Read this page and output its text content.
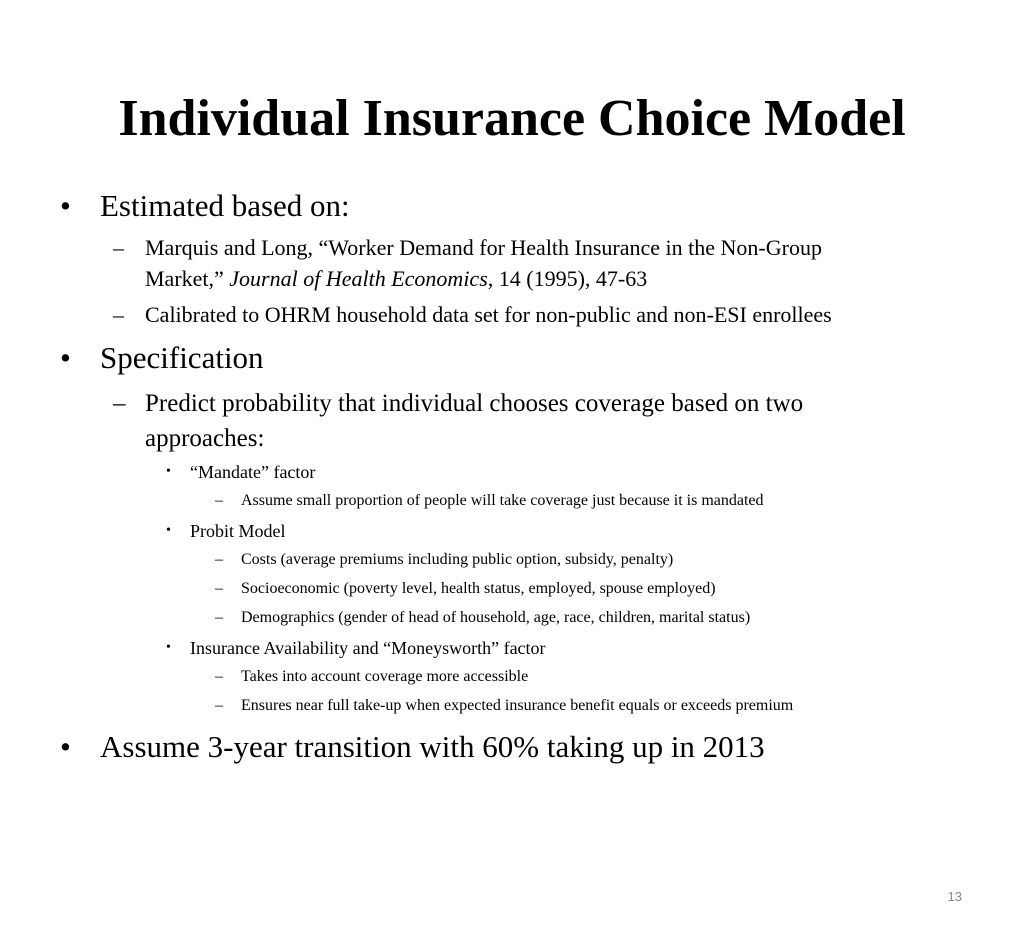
Individual Insurance Choice Model
• Estimated based on:
– Marquis and Long, “Worker Demand for Health Insurance in the Non-Group
Market,” Journal of Health Economics, 14 (1995), 47-63
– Calibrated to OHRM household data set for non-public and non-ESI enrollees
• Specification
– Predict probability that individual chooses coverage based on two
approaches:
• “Mandate” factor
– Assume small proportion of people will take coverage just because it is mandated
• Probit Model
– Costs (average premiums including public option, subsidy, penalty)
– Socioeconomic (poverty level, health status, employed, spouse employed)
– Demographics (gender of head of household, age, race, children, marital status)
• Insurance Availability and “Moneysworth” factor
– Takes into account coverage more accessible
– Ensures near full take-up when expected insurance benefit equals or exceeds premium
• Assume 3-year transition with 60% taking up in 2013
13
